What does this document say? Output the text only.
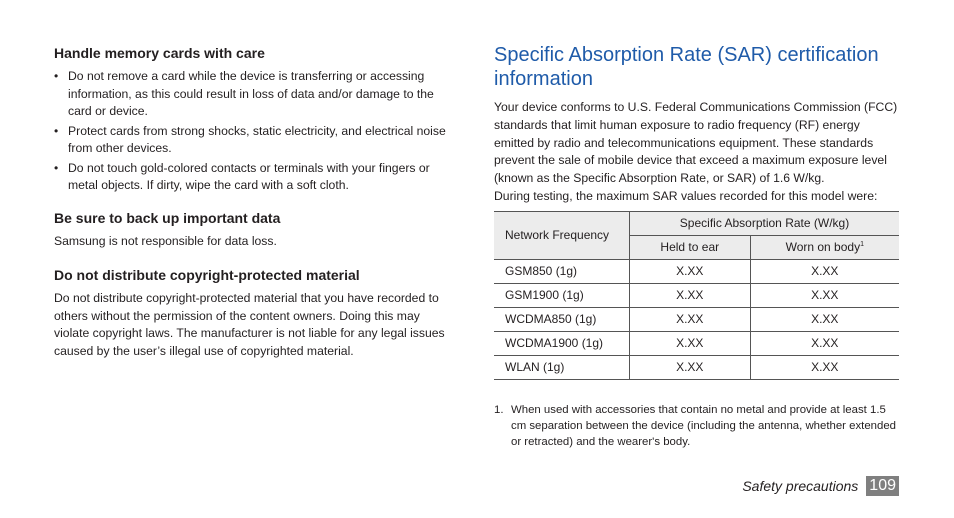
Handle memory cards with care
• Do not remove a card while the device is transferring or accessing information, as this could result in loss of data and/or damage to the card or device.
• Protect cards from strong shocks, static electricity, and electrical noise from other devices.
• Do not touch gold-colored contacts or terminals with your fingers or metal objects. If dirty, wipe the card with a soft cloth.
Be sure to back up important data

Samsung is not responsible for data loss.

Do not distribute copyright-protected material

Do not distribute copyright-protected material that you have recorded to others without the permission of the content owners. Doing this may violate copyright laws. The manufacturer is not liable for any legal issues caused by the user’s illegal use of copyrighted material.

Specific Absorption Rate (SAR) certification information

Your device conforms to U.S. Federal Communications Commission (FCC) standards that limit human exposure to radio frequency (RF) energy emitted by radio and telecommunications equipment. These standards prevent the sale of mobile device that exceed a maximum exposure level (known as the Specific Absorption Rate, or SAR) of 1.6 W/kg.

During testing, the maximum SAR values recorded for this model were:

Network Frequency	Specific Absorption Rate (W/kg)	
	Held to ear	Worn on body$^1$
GSM850 (1g)	X.XX	X.XX
GSM1900 (1g)	X.XX	X.XX
WCDMA850 (1g)	X.XX	X.XX
WCDMA1900 (1g)	X.XX	X.XX
WLAN (1g)	X.XX	X.XX
1. When used with accessories that contain no metal and provide at least 1.5 cm separation between the device (including the antenna, whether extended or retracted) and the wearer's body.
Safety precautions 109
